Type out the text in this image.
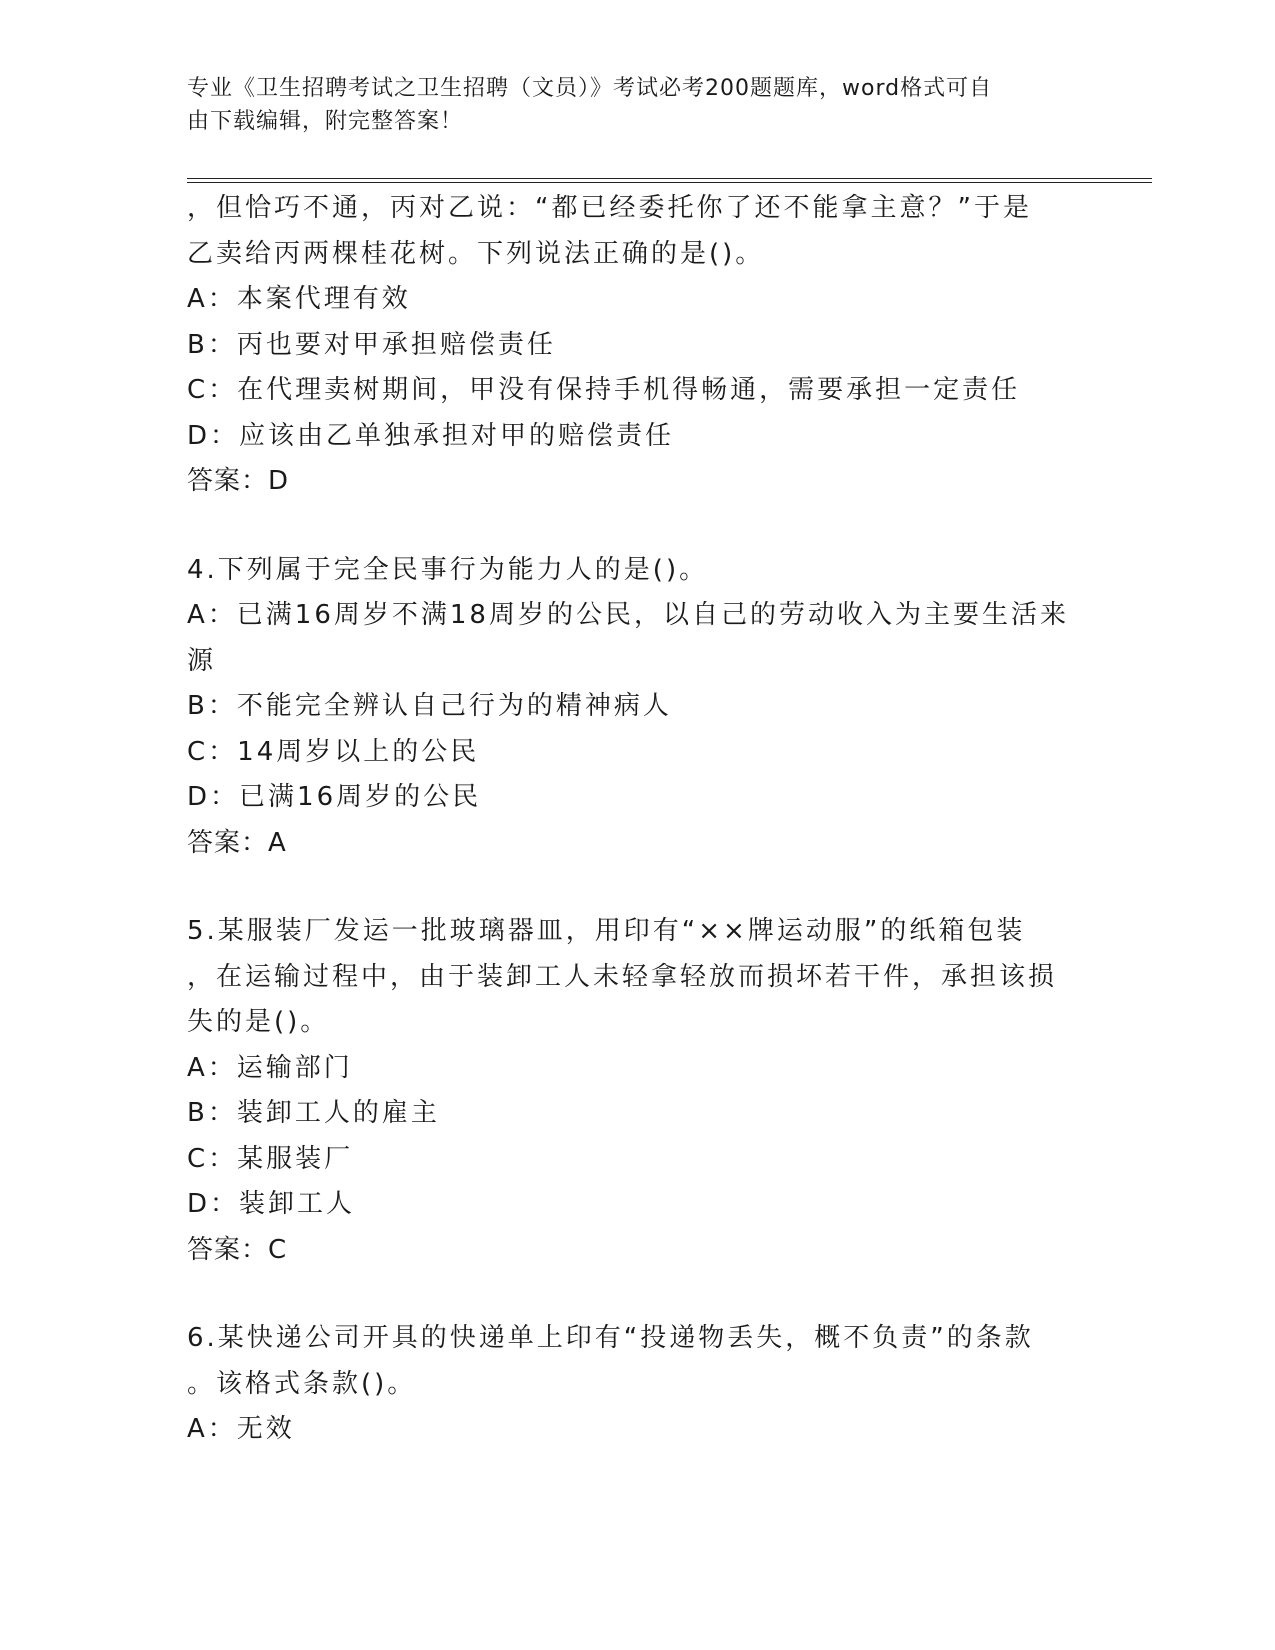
专业《卫生招聘考试之卫生招聘（文员）》考试必考200题题库，word格式可自
由下载编辑，附完整答案！
，但恰巧不通，丙对乙说：“都已经委托你了还不能拿主意？”于是
乙卖给丙两棵桂花树。下列说法正确的是()。
A：本案代理有效
B：丙也要对甲承担赔偿责任
C：在代理卖树期间，甲没有保持手机得畅通，需要承担一定责任
D：应该由乙单独承担对甲的赔偿责任
答案：D
4.下列属于完全民事行为能力人的是()。
A：已满16周岁不满18周岁的公民，以自己的劳动收入为主要生活来
源
B：不能完全辨认自己行为的精神病人
C：14周岁以上的公民
D：已满16周岁的公民
答案：A
5.某服装厂发运一批玻璃器皿，用印有“××牌运动服”的纸箱包装
，在运输过程中，由于装卸工人未轻拿轻放而损坏若干件，承担该损
失的是()。
A：运输部门
B：装卸工人的雇主
C：某服装厂
D：装卸工人
答案：C
6.某快递公司开具的快递单上印有“投递物丢失，概不负责”的条款
。该格式条款()。
A：无效
